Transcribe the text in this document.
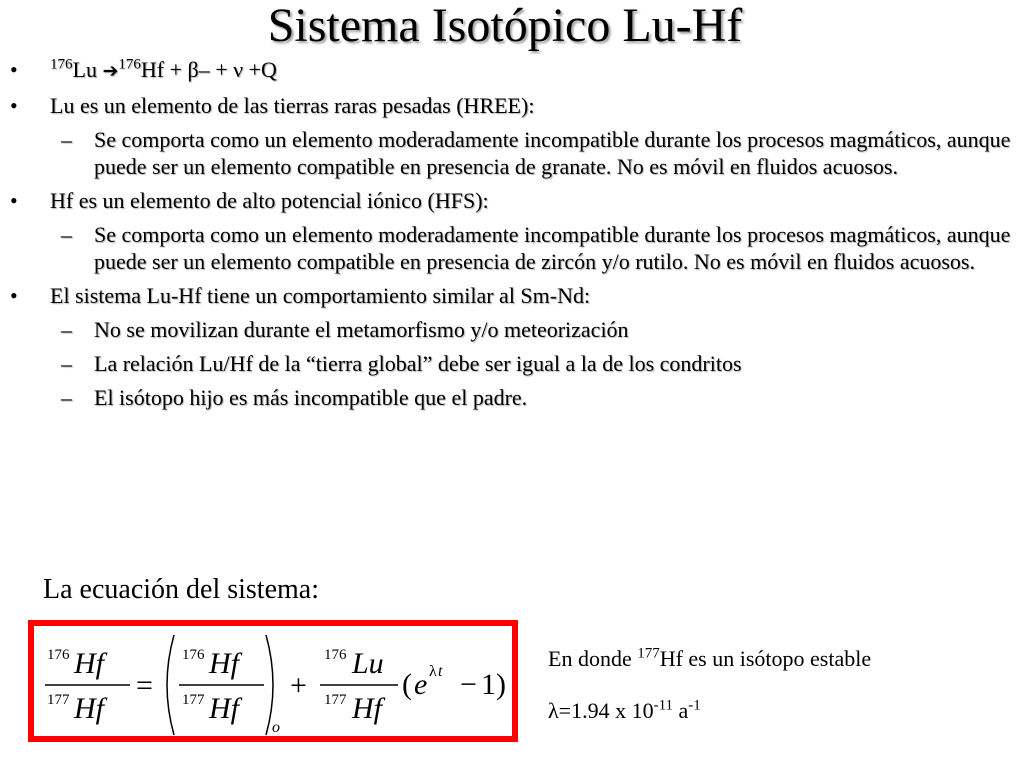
Sistema Isotópico Lu-Hf
• $^{176}$Lu ➔$^{176}$Hf + β– + ν +Q
• Lu es un elemento de las tierras raras pesadas (HREE):
– Se comporta como un elemento moderadamente incompatible durante los procesos magmáticos, aunque puede ser un elemento compatible en presencia de granate. No es móvil en fluidos acuosos.
• Hf es un elemento de alto potencial iónico (HFS):
– Se comporta como un elemento moderadamente incompatible durante los procesos magmáticos, aunque puede ser un elemento compatible en presencia de zircón y/o rutilo. No es móvil en fluidos acuosos.
• El sistema Lu-Hf tiene un comportamiento similar al Sm-Nd:
– No se movilizan durante el metamorfismo y/o meteorización
– La relación Lu/Hf de la “tierra global” debe ser igual a la de los condritos
– El isótopo hijo es más incompatible que el padre.
La ecuación del sistema:
176 Hf
177 Hf
=
176 Hf
177 Hf
o
+
176 Lu
177 Hf
( e λ t − 1 )
En donde $^{177}$Hf es un isótopo estable
λ=1.94 x $10^{-11}$ $a^{-1}$
